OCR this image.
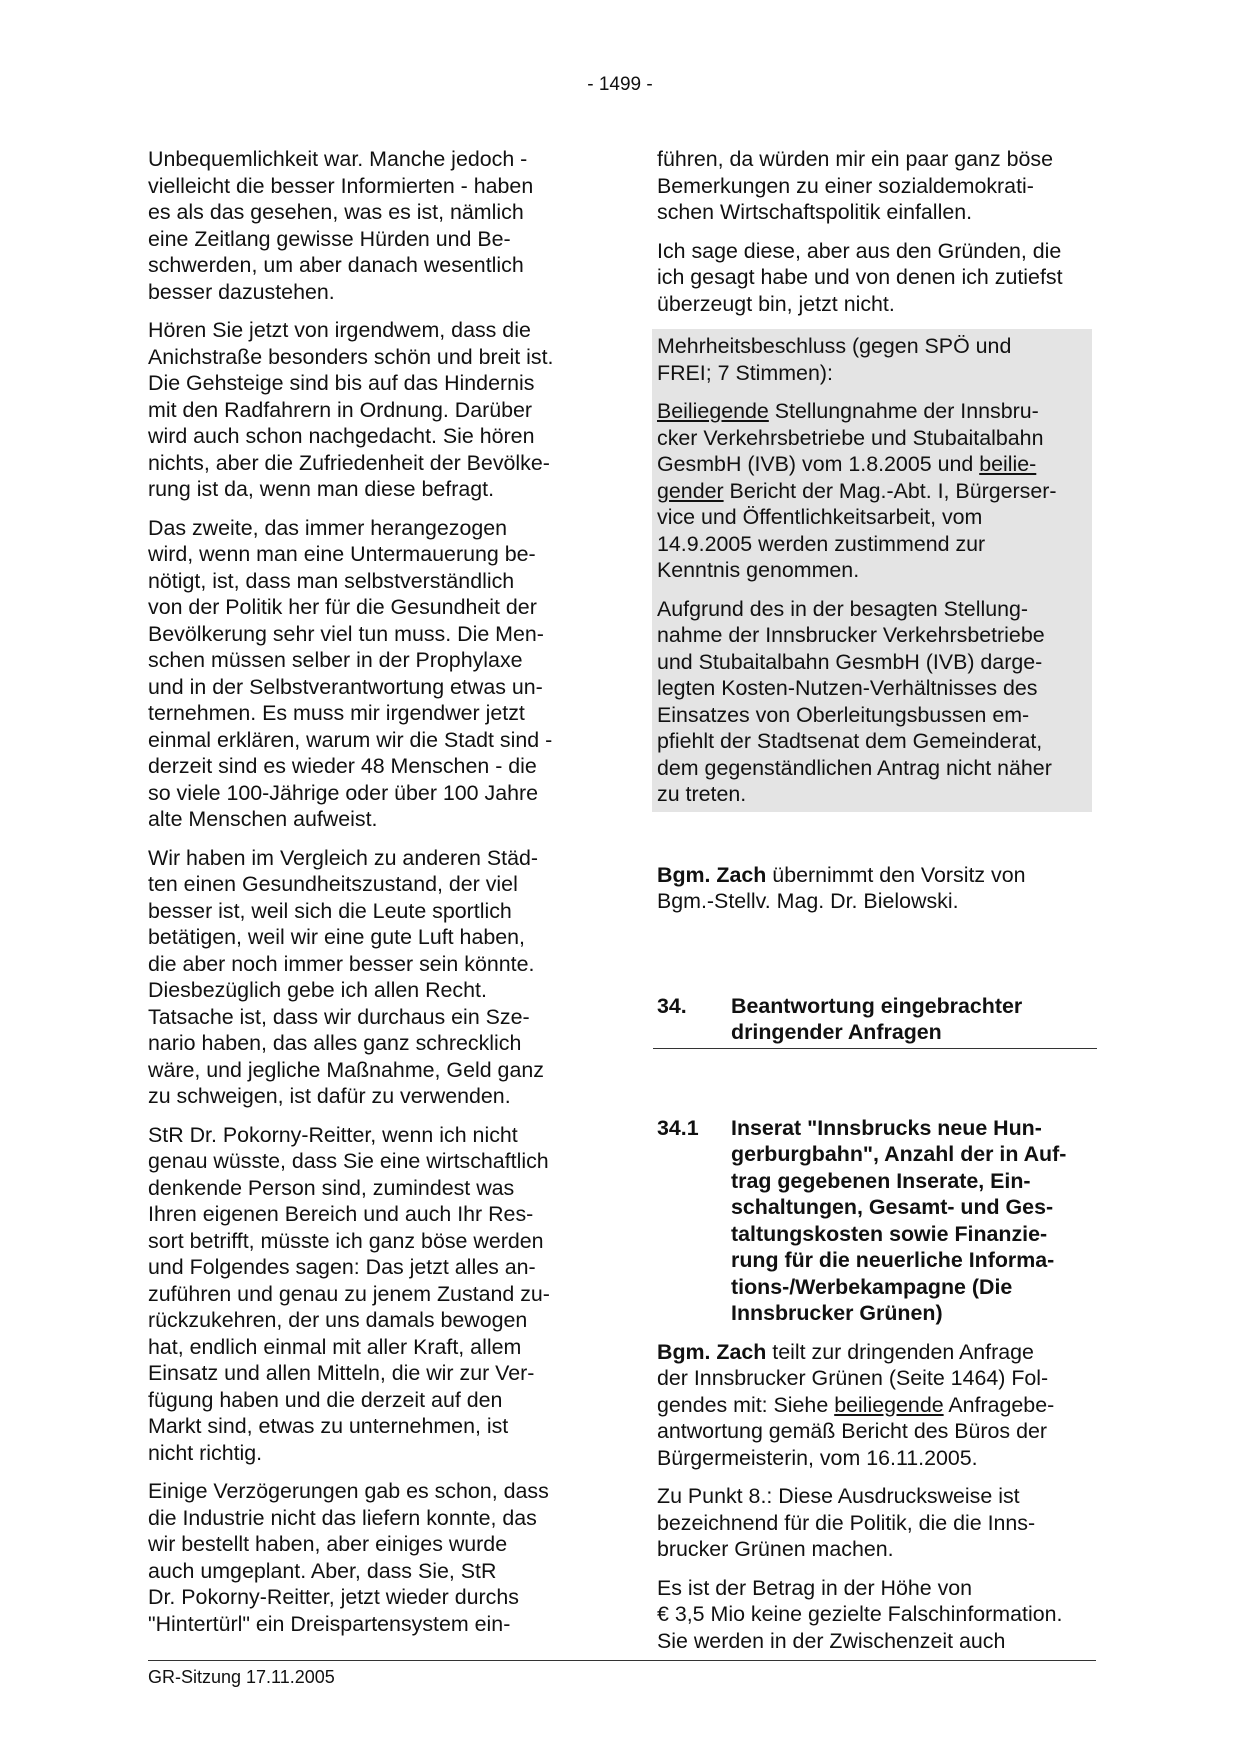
- 1499 -

Unbequemlichkeit war. Manche jedoch -
vielleicht die besser Informierten - haben
es als das gesehen, was es ist, nämlich
eine Zeitlang gewisse Hürden und Be-
schwerden, um aber danach wesentlich
besser dazustehen.

Hören Sie jetzt von irgendwem, dass die
Anichstraße besonders schön und breit ist.
Die Gehsteige sind bis auf das Hindernis
mit den Radfahrern in Ordnung. Darüber
wird auch schon nachgedacht. Sie hören
nichts, aber die Zufriedenheit der Bevölke-
rung ist da, wenn man diese befragt.

Das zweite, das immer herangezogen
wird, wenn man eine Untermauerung be-
nötigt, ist, dass man selbstverständlich
von der Politik her für die Gesundheit der
Bevölkerung sehr viel tun muss. Die Men-
schen müssen selber in der Prophylaxe
und in der Selbstverantwortung etwas un-
ternehmen. Es muss mir irgendwer jetzt
einmal erklären, warum wir die Stadt sind -
derzeit sind es wieder 48 Menschen - die
so viele 100-Jährige oder über 100 Jahre
alte Menschen aufweist.

Wir haben im Vergleich zu anderen Städ-
ten einen Gesundheitszustand, der viel
besser ist, weil sich die Leute sportlich
betätigen, weil wir eine gute Luft haben,
die aber noch immer besser sein könnte.
Diesbezüglich gebe ich allen Recht.
Tatsache ist, dass wir durchaus ein Sze-
nario haben, das alles ganz schrecklich
wäre, und jegliche Maßnahme, Geld ganz
zu schweigen, ist dafür zu verwenden.

StR Dr. Pokorny-Reitter, wenn ich nicht
genau wüsste, dass Sie eine wirtschaftlich
denkende Person sind, zumindest was
Ihren eigenen Bereich und auch Ihr Res-
sort betrifft, müsste ich ganz böse werden
und Folgendes sagen: Das jetzt alles an-
zuführen und genau zu jenem Zustand zu-
rückzukehren, der uns damals bewogen
hat, endlich einmal mit aller Kraft, allem
Einsatz und allen Mitteln, die wir zur Ver-
fügung haben und die derzeit auf den
Markt sind, etwas zu unternehmen, ist
nicht richtig.

Einige Verzögerungen gab es schon, dass
die Industrie nicht das liefern konnte, das
wir bestellt haben, aber einiges wurde
auch umgeplant. Aber, dass Sie, StR
Dr. Pokorny-Reitter, jetzt wieder durchs
"Hintertürl" ein Dreispartensystem ein-

führen, da würden mir ein paar ganz böse
Bemerkungen zu einer sozialdemokrati-
schen Wirtschaftspolitik einfallen.

Ich sage diese, aber aus den Gründen, die
ich gesagt habe und von denen ich zutiefst
überzeugt bin, jetzt nicht.

Mehrheitsbeschluss (gegen SPÖ und
FREI; 7 Stimmen):

Beiliegende Stellungnahme der Innsbru-
cker Verkehrsbetriebe und Stubaitalbahn
GesmbH (IVB) vom 1.8.2005 und beilie-
gender Bericht der Mag.-Abt. I, Bürgerser-
vice und Öffentlichkeitsarbeit, vom
14.9.2005 werden zustimmend zur
Kenntnis genommen.

Aufgrund des in der besagten Stellung-
nahme der Innsbrucker Verkehrsbetriebe
und Stubaitalbahn GesmbH (IVB) darge-
legten Kosten-Nutzen-Verhältnisses des
Einsatzes von Oberleitungsbussen em-
pfiehlt der Stadtsenat dem Gemeinderat,
dem gegenständlichen Antrag nicht näher
zu treten.

Bgm. Zach übernimmt den Vorsitz von
Bgm.-Stellv. Mag. Dr. Bielowski.

34.	Beantwortung eingebrachter
dringender Anfragen
34.1	Inserat "Innsbrucks neue Hun-
gerburgbahn", Anzahl der in Auf-
trag gegebenen Inserate, Ein-
schaltungen, Gesamt- und Ges-
taltungskosten sowie Finanzie-
rung für die neuerliche Informa-
tions-/Werbekampagne (Die
Innsbrucker Grünen)

Bgm. Zach teilt zur dringenden Anfrage
der Innsbrucker Grünen (Seite 1464) Fol-
gendes mit: Siehe beiliegende Anfragebe-
antwortung gemäß Bericht des Büros der
Bürgermeisterin, vom 16.11.2005.

Zu Punkt 8.: Diese Ausdrucksweise ist
bezeichnend für die Politik, die die Inns-
brucker Grünen machen.

Es ist der Betrag in der Höhe von
€ 3,5 Mio keine gezielte Falschinformation.
Sie werden in der Zwischenzeit auch

GR-Sitzung 17.11.2005
